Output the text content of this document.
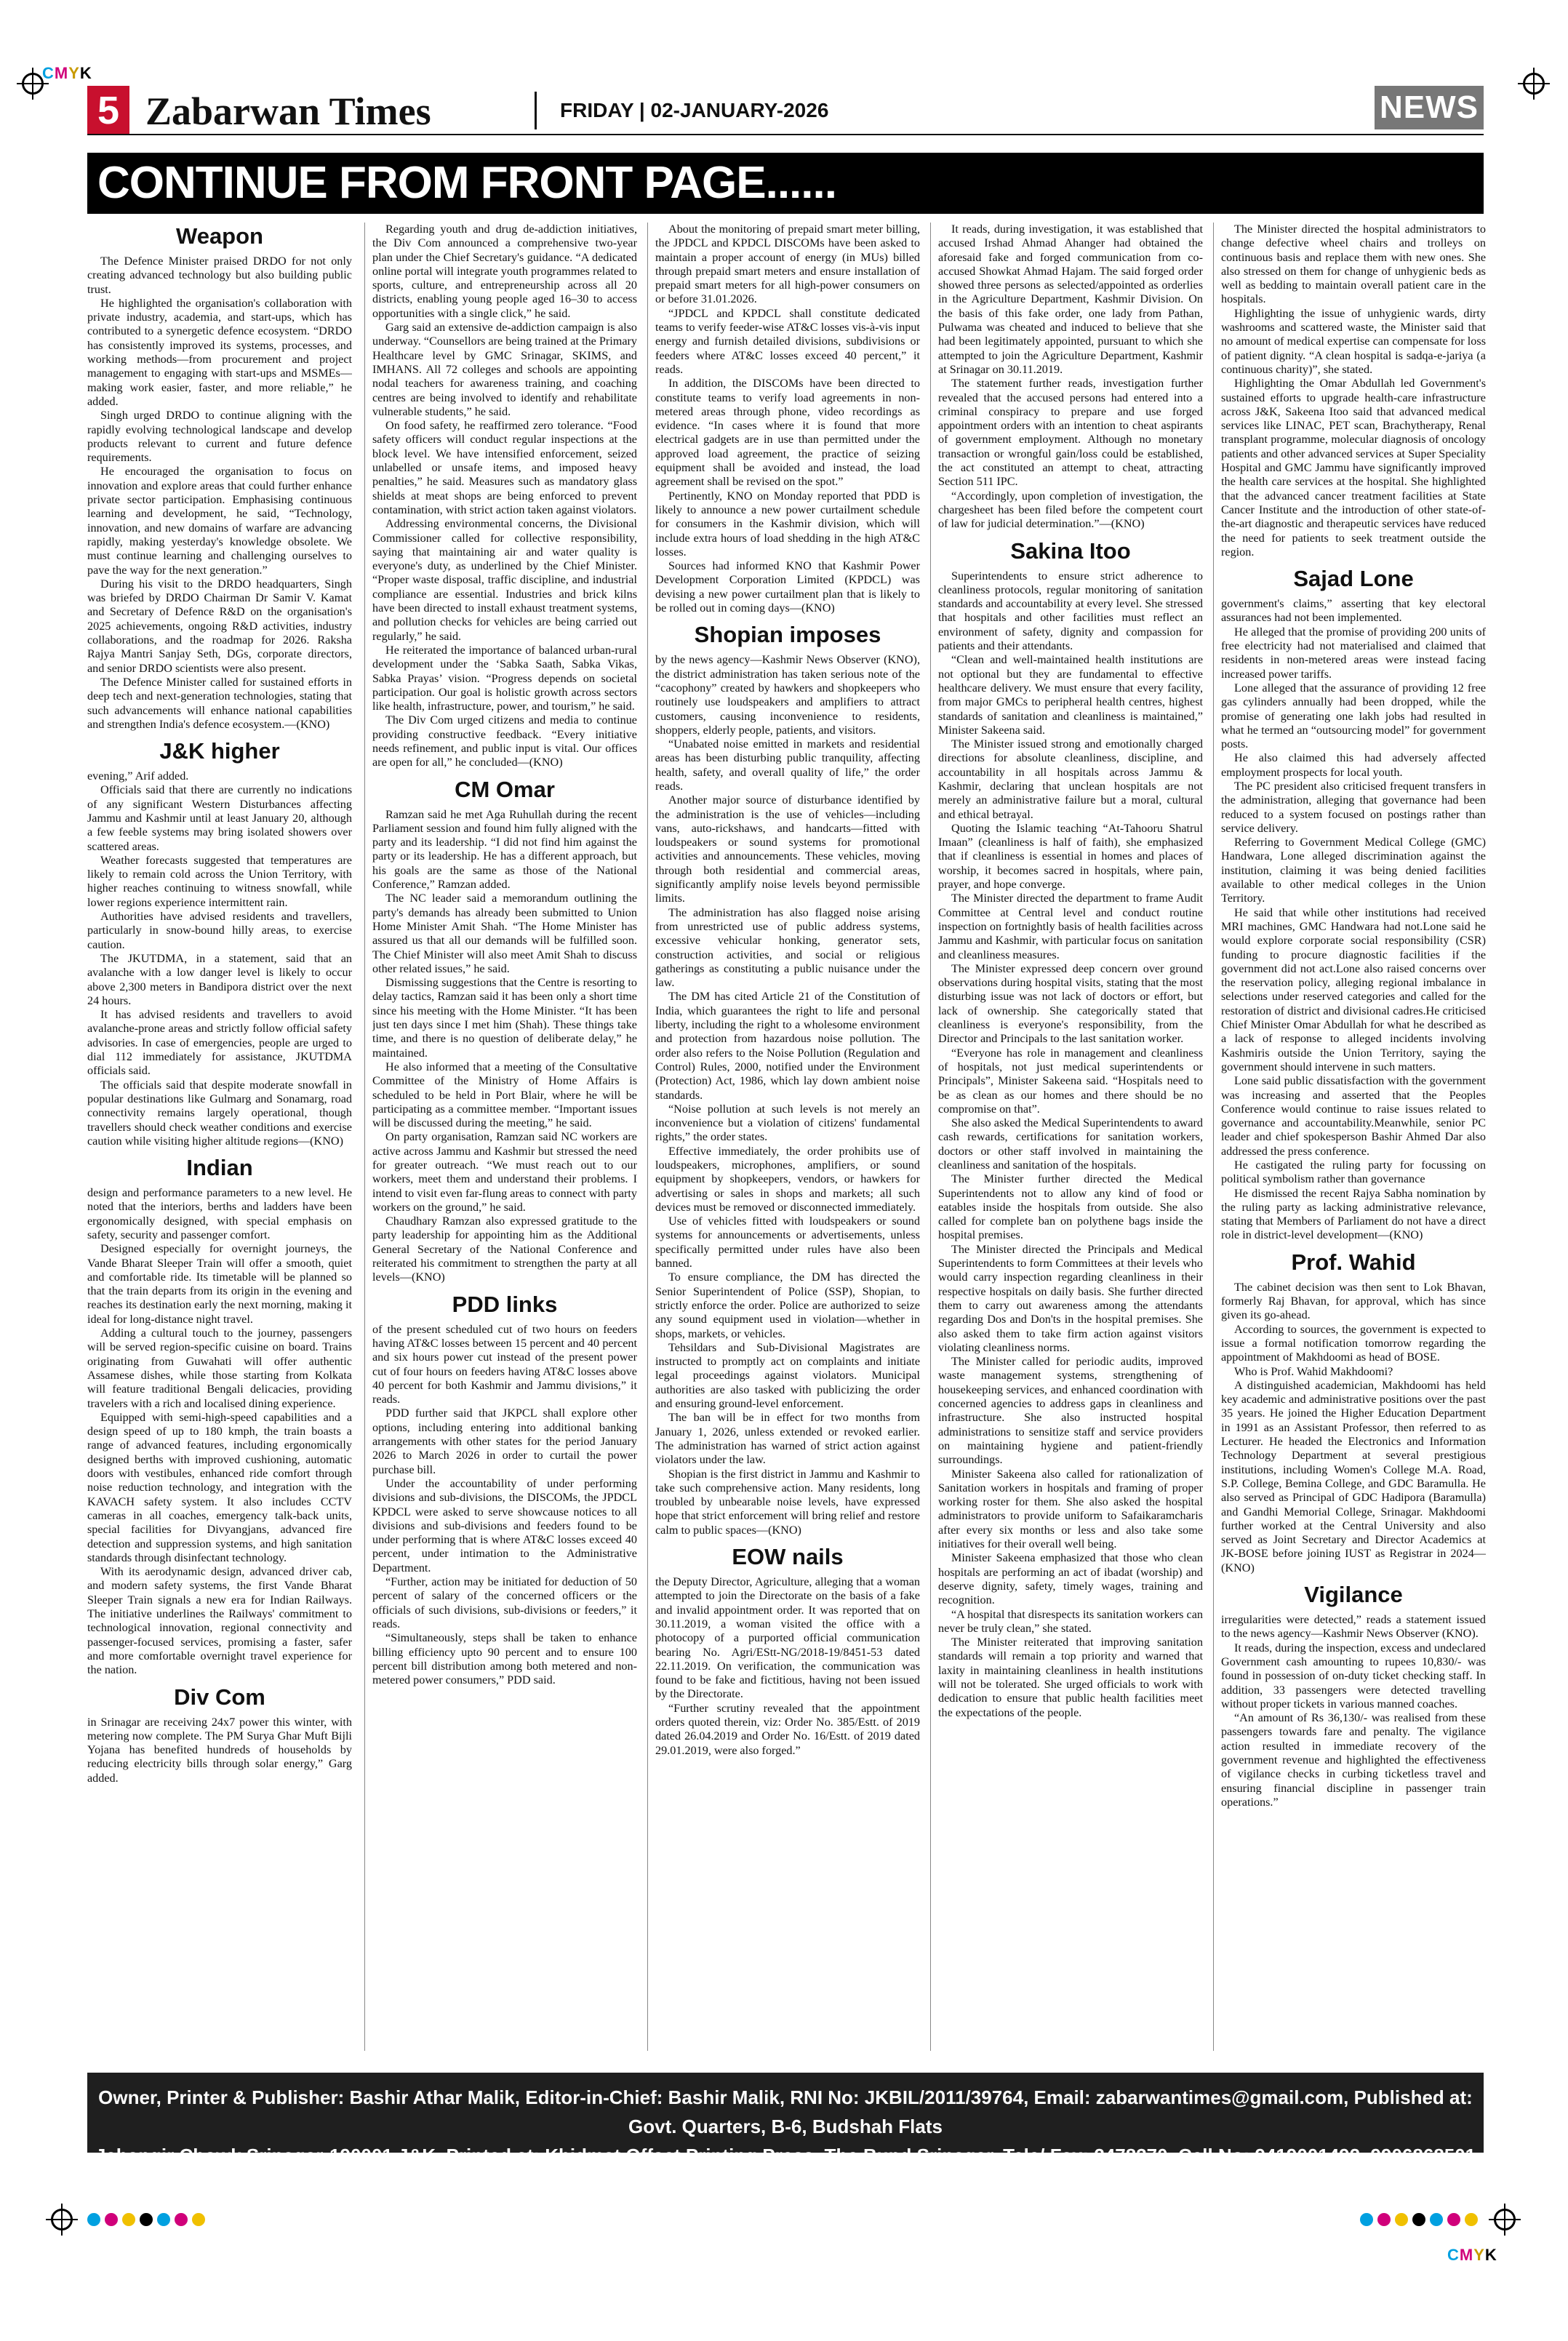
CMYK
CMYK
5 Zabarwan Times	FRIDAY | 02-JANUARY-2026	NEWS
CONTINUE FROM FRONT PAGE......
Weapon

The Defence Minister praised DRDO for not only creating advanced technology but also building public trust.

He highlighted the organisation's collaboration with private industry, academia, and start-ups, which has contributed to a synergetic defence ecosystem. “DRDO has consistently improved its systems, processes, and working methods—from procurement and project management to engaging with start-ups and MSMEs—making work easier, faster, and more reliable,” he added.

Singh urged DRDO to continue aligning with the rapidly evolving technological landscape and develop products relevant to current and future defence requirements.

He encouraged the organisation to focus on innovation and explore areas that could further enhance private sector participation. Emphasising continuous learning and development, he said, “Technology, innovation, and new domains of warfare are advancing rapidly, making yesterday's knowledge obsolete. We must continue learning and challenging ourselves to pave the way for the next generation.”

During his visit to the DRDO headquarters, Singh was briefed by DRDO Chairman Dr Samir V. Kamat and Secretary of Defence R&D on the organisation's 2025 achievements, ongoing R&D activities, industry collaborations, and the roadmap for 2026. Raksha Rajya Mantri Sanjay Seth, DGs, corporate directors, and senior DRDO scientists were also present.

The Defence Minister called for sustained efforts in deep tech and next-generation technologies, stating that such advancements will enhance national capabilities and strengthen India's defence ecosystem.—(KNO)

J&K higher

evening,” Arif added.

Officials said that there are currently no indications of any significant Western Disturbances affecting Jammu and Kashmir until at least January 20, although a few feeble systems may bring isolated showers over scattered areas.

Weather forecasts suggested that temperatures are likely to remain cold across the Union Territory, with higher reaches continuing to witness snowfall, while lower regions experience intermittent rain.

Authorities have advised residents and travellers, particularly in snow-bound hilly areas, to exercise caution.

The JKUTDMA, in a statement, said that an avalanche with a low danger level is likely to occur above 2,300 meters in Bandipora district over the next 24 hours.

It has advised residents and travellers to avoid avalanche-prone areas and strictly follow official safety advisories. In case of emergencies, people are urged to dial 112 immediately for assistance, JKUTDMA officials said.

The officials said that despite moderate snowfall in popular destinations like Gulmarg and Sonamarg, road connectivity remains largely operational, though travellers should check weather conditions and exercise caution while visiting higher altitude regions—(KNO)

Indian

design and performance parameters to a new level. He noted that the interiors, berths and ladders have been ergonomically designed, with special emphasis on safety, security and passenger comfort.

Designed especially for overnight journeys, the Vande Bharat Sleeper Train will offer a smooth, quiet and comfortable ride. Its timetable will be planned so that the train departs from its origin in the evening and reaches its destination early the next morning, making it ideal for long-distance night travel.

Adding a cultural touch to the journey, passengers will be served region-specific cuisine on board. Trains originating from Guwahati will offer authentic Assamese dishes, while those starting from Kolkata will feature traditional Bengali delicacies, providing travelers with a rich and localised dining experience.

Equipped with semi-high-speed capabilities and a design speed of up to 180 kmph, the train boasts a range of advanced features, including ergonomically designed berths with improved cushioning, automatic doors with vestibules, enhanced ride comfort through noise reduction technology, and integration with the KAVACH safety system. It also includes CCTV cameras in all coaches, emergency talk-back units, special facilities for Divyangjans, advanced fire detection and suppression systems, and high sanitation standards through disinfectant technology.

With its aerodynamic design, advanced driver cab, and modern safety systems, the first Vande Bharat Sleeper Train signals a new era for Indian Railways. The initiative underlines the Railways' commitment to technological innovation, regional connectivity and passenger-focused services, promising a faster, safer and more comfortable overnight travel experience for the nation.

Div Com

in Srinagar are receiving 24x7 power this winter, with metering now complete. The PM Surya Ghar Muft Bijli Yojana has benefited hundreds of households by reducing electricity bills through solar energy,” Garg added.

Regarding youth and drug de-addiction initiatives, the Div Com announced a comprehensive two-year plan under the Chief Secretary's guidance. “A dedicated online portal will integrate youth programmes related to sports, culture, and entrepreneurship across all 20 districts, enabling young people aged 16–30 to access opportunities with a single click,” he said.

Garg said an extensive de-addiction campaign is also underway. “Counsellors are being trained at the Primary Healthcare level by GMC Srinagar, SKIMS, and IMHANS. All 72 colleges and schools are appointing nodal teachers for awareness training, and coaching centres are being involved to identify and rehabilitate vulnerable students,” he said.

On food safety, he reaffirmed zero tolerance. “Food safety officers will conduct regular inspections at the block level. We have intensified enforcement, seized unlabelled or unsafe items, and imposed heavy penalties,” he said. Measures such as mandatory glass shields at meat shops are being enforced to prevent contamination, with strict action taken against violators.

Addressing environmental concerns, the Divisional Commissioner called for collective responsibility, saying that maintaining air and water quality is everyone's duty, as underlined by the Chief Minister. “Proper waste disposal, traffic discipline, and industrial compliance are essential. Industries and brick kilns have been directed to install exhaust treatment systems, and pollution checks for vehicles are being carried out regularly,” he said.

He reiterated the importance of balanced urban-rural development under the ‘Sabka Saath, Sabka Vikas, Sabka Prayas’ vision. “Progress depends on societal participation. Our goal is holistic growth across sectors like health, infrastructure, power, and tourism,” he said.

The Div Com urged citizens and media to continue providing constructive feedback. “Every initiative needs refinement, and public input is vital. Our offices are open for all,” he concluded—(KNO)

CM Omar

Ramzan said he met Aga Ruhullah during the recent Parliament session and found him fully aligned with the party and its leadership. “I did not find him against the party or its leadership. He has a different approach, but his goals are the same as those of the National Conference,” Ramzan added.

The NC leader said a memorandum outlining the party's demands has already been submitted to Union Home Minister Amit Shah. “The Home Minister has assured us that all our demands will be fulfilled soon. The Chief Minister will also meet Amit Shah to discuss other related issues,” he said.

Dismissing suggestions that the Centre is resorting to delay tactics, Ramzan said it has been only a short time since his meeting with the Home Minister. “It has been just ten days since I met him (Shah). These things take time, and there is no question of deliberate delay,” he maintained.

He also informed that a meeting of the Consultative Committee of the Ministry of Home Affairs is scheduled to be held in Port Blair, where he will be participating as a committee member. “Important issues will be discussed during the meeting,” he said.

On party organisation, Ramzan said NC workers are active across Jammu and Kashmir but stressed the need for greater outreach. “We must reach out to our workers, meet them and understand their problems. I intend to visit even far-flung areas to connect with party workers on the ground,” he said.

Chaudhary Ramzan also expressed gratitude to the party leadership for appointing him as the Additional General Secretary of the National Conference and reiterated his commitment to strengthen the party at all levels—(KNO)

PDD links

of the present scheduled cut of two hours on feeders having AT&C losses between 15 percent and 40 percent and six hours power cut instead of the present power cut of four hours on feeders having AT&C losses above 40 percent for both Kashmir and Jammu divisions,” it reads.

PDD further said that JKPCL shall explore other options, including entering into additional banking arrangements with other states for the period January 2026 to March 2026 in order to curtail the power purchase bill.

Under the accountability of under performing divisions and sub-divisions, the DISCOMs, the JPDCL KPDCL were asked to serve showcause notices to all divisions and sub-divisions and feeders found to be under performing that is where AT&C losses exceed 40 percent, under intimation to the Administrative Department.

“Further, action may be initiated for deduction of 50 percent of salary of the concerned officers or the officials of such divisions, sub-divisions or feeders,” it reads.

“Simultaneously, steps shall be taken to enhance billing efficiency upto 90 percent and to ensure 100 percent bill distribution among both metered and non-metered power consumers,” PDD said.

About the monitoring of prepaid smart meter billing, the JPDCL and KPDCL DISCOMs have been asked to maintain a proper account of energy (in MUs) billed through prepaid smart meters and ensure installation of prepaid smart meters for all high-power consumers on or before 31.01.2026.

“JPDCL and KPDCL shall constitute dedicated teams to verify feeder-wise AT&C losses vis-à-vis input energy and furnish detailed divisions, subdivisions or feeders where AT&C losses exceed 40 percent,” it reads.

In addition, the DISCOMs have been directed to constitute teams to verify load agreements in non-metered areas through phone, video recordings as evidence. “In cases where it is found that more electrical gadgets are in use than permitted under the approved load agreement, the practice of seizing equipment shall be avoided and instead, the load agreement shall be revised on the spot.”

Pertinently, KNO on Monday reported that PDD is likely to announce a new power curtailment schedule for consumers in the Kashmir division, which will include extra hours of load shedding in the high AT&C losses.

Sources had informed KNO that Kashmir Power Development Corporation Limited (KPDCL) was devising a new power curtailment plan that is likely to be rolled out in coming days—(KNO)

Shopian imposes

by the news agency—Kashmir News Observer (KNO), the district administration has taken serious note of the “cacophony” created by hawkers and shopkeepers who routinely use loudspeakers and amplifiers to attract customers, causing inconvenience to residents, shoppers, elderly people, patients, and visitors.

“Unabated noise emitted in markets and residential areas has been disturbing public tranquility, affecting health, safety, and overall quality of life,” the order reads.

Another major source of disturbance identified by the administration is the use of vehicles—including vans, auto-rickshaws, and handcarts—fitted with loudspeakers or sound systems for promotional activities and announcements. These vehicles, moving through both residential and commercial areas, significantly amplify noise levels beyond permissible limits.

The administration has also flagged noise arising from unrestricted use of public address systems, excessive vehicular honking, generator sets, construction activities, and social or religious gatherings as constituting a public nuisance under the law.

The DM has cited Article 21 of the Constitution of India, which guarantees the right to life and personal liberty, including the right to a wholesome environment and protection from hazardous noise pollution. The order also refers to the Noise Pollution (Regulation and Control) Rules, 2000, notified under the Environment (Protection) Act, 1986, which lay down ambient noise standards.

“Noise pollution at such levels is not merely an inconvenience but a violation of citizens' fundamental rights,” the order states.

Effective immediately, the order prohibits use of loudspeakers, microphones, amplifiers, or sound equipment by shopkeepers, vendors, or hawkers for advertising or sales in shops and markets; all such devices must be removed or disconnected immediately.

Use of vehicles fitted with loudspeakers or sound systems for announcements or advertisements, unless specifically permitted under rules have also been banned.

To ensure compliance, the DM has directed the Senior Superintendent of Police (SSP), Shopian, to strictly enforce the order. Police are authorized to seize any sound equipment used in violation—whether in shops, markets, or vehicles.

Tehsildars and Sub-Divisional Magistrates are instructed to promptly act on complaints and initiate legal proceedings against violators. Municipal authorities are also tasked with publicizing the order and ensuring ground-level enforcement.

The ban will be in effect for two months from January 1, 2026, unless extended or revoked earlier. The administration has warned of strict action against violators under the law.

Shopian is the first district in Jammu and Kashmir to take such comprehensive action. Many residents, long troubled by unbearable noise levels, have expressed hope that strict enforcement will bring relief and restore calm to public spaces—(KNO)

EOW nails

the Deputy Director, Agriculture, alleging that a woman attempted to join the Directorate on the basis of a fake and invalid appointment order. It was reported that on 30.11.2019, a woman visited the office with a photocopy of a purported official communication bearing No. Agri/EStt-NG/2018-19/8451-53 dated 22.11.2019. On verification, the communication was found to be fake and fictitious, having not been issued by the Directorate.

“Further scrutiny revealed that the appointment orders quoted therein, viz: Order No. 385/Estt. of 2019 dated 26.04.2019 and Order No. 16/Estt. of 2019 dated 29.01.2019, were also forged.”

It reads, during investigation, it was established that accused Irshad Ahmad Ahanger had obtained the aforesaid fake and forged communication from co-accused Showkat Ahmad Hajam. The said forged order showed three persons as selected/appointed as orderlies in the Agriculture Department, Kashmir Division. On the basis of this fake order, one lady from Pathan, Pulwama was cheated and induced to believe that she had been legitimately appointed, pursuant to which she attempted to join the Agriculture Department, Kashmir at Srinagar on 30.11.2019.

The statement further reads, investigation further revealed that the accused persons had entered into a criminal conspiracy to prepare and use forged appointment orders with an intention to cheat aspirants of government employment. Although no monetary transaction or wrongful gain/loss could be established, the act constituted an attempt to cheat, attracting Section 511 IPC.

“Accordingly, upon completion of investigation, the chargesheet has been filed before the competent court of law for judicial determination.”—(KNO)

Sakina Itoo

Superintendents to ensure strict adherence to cleanliness protocols, regular monitoring of sanitation standards and accountability at every level. She stressed that hospitals and other facilities must reflect an environment of safety, dignity and compassion for patients and their attendants.

“Clean and well-maintained health institutions are not optional but they are fundamental to effective healthcare delivery. We must ensure that every facility, from major GMCs to peripheral health centres, highest standards of sanitation and cleanliness is maintained,” Minister Sakeena said.

The Minister issued strong and emotionally charged directions for absolute cleanliness, discipline, and accountability in all hospitals across Jammu & Kashmir, declaring that unclean hospitals are not merely an administrative failure but a moral, cultural and ethical betrayal.

Quoting the Islamic teaching “At-Tahooru Shatrul Imaan” (cleanliness is half of faith), she emphasized that if cleanliness is essential in homes and places of worship, it becomes sacred in hospitals, where pain, prayer, and hope converge.

The Minister directed the department to frame Audit Committee at Central level and conduct routine inspection on fortnightly basis of health facilities across Jammu and Kashmir, with particular focus on sanitation and cleanliness measures.

The Minister expressed deep concern over ground observations during hospital visits, stating that the most disturbing issue was not lack of doctors or effort, but lack of ownership. She categorically stated that cleanliness is everyone's responsibility, from the Director and Principals to the last sanitation worker.

“Everyone has role in management and cleanliness of hospitals, not just medical superintendents or Principals”, Minister Sakeena said. “Hospitals need to be as clean as our homes and there should be no compromise on that”.

She also asked the Medical Superintendents to award cash rewards, certifications for sanitation workers, doctors or other staff involved in maintaining the cleanliness and sanitation of the hospitals.

The Minister further directed the Medical Superintendents not to allow any kind of food or eatables inside the hospitals from outside. She also called for complete ban on polythene bags inside the hospital premises.

The Minister directed the Principals and Medical Superintendents to form Committees at their levels who would carry inspection regarding cleanliness in their respective hospitals on daily basis. She further directed them to carry out awareness among the attendants regarding Dos and Don'ts in the hospital premises. She also asked them to take firm action against visitors violating cleanliness norms.

The Minister called for periodic audits, improved waste management systems, strengthening of housekeeping services, and enhanced coordination with concerned agencies to address gaps in cleanliness and infrastructure. She also instructed hospital administrations to sensitize staff and service providers on maintaining hygiene and patient-friendly surroundings.

Minister Sakeena also called for rationalization of Sanitation workers in hospitals and framing of proper working roster for them. She also asked the hospital administrators to provide uniform to Safaikaramcharis after every six months or less and also take some initiatives for their overall well being.

Minister Sakeena emphasized that those who clean hospitals are performing an act of ibadat (worship) and deserve dignity, safety, timely wages, training and recognition.

“A hospital that disrespects its sanitation workers can never be truly clean,” she stated.

The Minister reiterated that improving sanitation standards will remain a top priority and warned that laxity in maintaining cleanliness in health institutions will not be tolerated. She urged officials to work with dedication to ensure that public health facilities meet the expectations of the people.

The Minister directed the hospital administrators to change defective wheel chairs and trolleys on continuous basis and replace them with new ones. She also stressed on them for change of unhygienic beds as well as bedding to maintain overall patient care in the hospitals.

Highlighting the issue of unhygienic wards, dirty washrooms and scattered waste, the Minister said that no amount of medical expertise can compensate for loss of patient dignity. “A clean hospital is sadqa-e-jariya (a continuous charity)”, she stated.

Highlighting the Omar Abdullah led Government's sustained efforts to upgrade health-care infrastructure across J&K, Sakeena Itoo said that advanced medical services like LINAC, PET scan, Brachytherapy, Renal transplant programme, molecular diagnosis of oncology patients and other advanced services at Super Speciality Hospital and GMC Jammu have significantly improved the health care services at the hospital. She highlighted that the advanced cancer treatment facilities at State Cancer Institute and the introduction of other state-of-the-art diagnostic and therapeutic services have reduced the need for patients to seek treatment outside the region.

Sajad Lone

government's claims,” asserting that key electoral assurances had not been implemented.

He alleged that the promise of providing 200 units of free electricity had not materialised and claimed that residents in non-metered areas were instead facing increased power tariffs.

Lone alleged that the assurance of providing 12 free gas cylinders annually had been dropped, while the promise of generating one lakh jobs had resulted in what he termed an “outsourcing model” for government posts.

He also claimed this had adversely affected employment prospects for local youth.

The PC president also criticised frequent transfers in the administration, alleging that governance had been reduced to a system focused on postings rather than service delivery.

Referring to Government Medical College (GMC) Handwara, Lone alleged discrimination against the institution, claiming it was being denied facilities available to other medical colleges in the Union Territory.

He said that while other institutions had received MRI machines, GMC Handwara had not.Lone said he would explore corporate social responsibility (CSR) funding to procure diagnostic facilities if the government did not act.Lone also raised concerns over the reservation policy, alleging regional imbalance in selections under reserved categories and called for the restoration of district and divisional cadres.He criticised Chief Minister Omar Abdullah for what he described as a lack of response to alleged incidents involving Kashmiris outside the Union Territory, saying the government should intervene in such matters.

Lone said public dissatisfaction with the government was increasing and asserted that the Peoples Conference would continue to raise issues related to governance and accountability.Meanwhile, senior PC leader and chief spokesperson Bashir Ahmed Dar also addressed the press conference.

He castigated the ruling party for focussing on political symbolism rather than governance

He dismissed the recent Rajya Sabha nomination by the ruling party as lacking administrative relevance, stating that Members of Parliament do not have a direct role in district-level development—(KNO)

Prof. Wahid

The cabinet decision was then sent to Lok Bhavan, formerly Raj Bhavan, for approval, which has since given its go-ahead.

According to sources, the government is expected to issue a formal notification tomorrow regarding the appointment of Makhdoomi as head of BOSE.

Who is Prof. Wahid Makhdoomi?

A distinguished academician, Makhdoomi has held key academic and administrative positions over the past 35 years. He joined the Higher Education Department in 1991 as an Assistant Professor, then referred to as Lecturer. He headed the Electronics and Information Technology Department at several prestigious institutions, including Women's College M.A. Road, S.P. College, Bemina College, and GDC Baramulla. He also served as Principal of GDC Hadipora (Baramulla) and Gandhi Memorial College, Srinagar. Makhdoomi further worked at the Central University and also served as Joint Secretary and Director Academics at JK-BOSE before joining IUST as Registrar in 2024—(KNO)

Vigilance

irregularities were detected,” reads a statement issued to the news agency—Kashmir News Observer (KNO).

It reads, during the inspection, excess and undeclared Government cash amounting to rupees 10,830/- was found in possession of on-duty ticket checking staff. In addition, 33 passengers were detected travelling without proper tickets in various manned coaches.

“An amount of Rs 36,130/- was realised from these passengers towards fare and penalty. The vigilance action resulted in immediate recovery of the government revenue and highlighted the effectiveness of vigilance checks in curbing ticketless travel and ensuring financial discipline in passenger train operations.”

Owner, Printer & Publisher: Bashir Athar Malik, Editor-in-Chief: Bashir Malik, RNI No: JKBIL/2011/39764, Email: zabarwantimes@gmail.com, Published at: Govt. Quarters, B-6, Budshah Flats
Jahangir Chowk Srinagar-190001 J&K, Printed at: Khidmat Offset Printing Press, The Bund Srinagar, Tele/ Fax: 2478370, Cell No: 9419001492, 9906868501
